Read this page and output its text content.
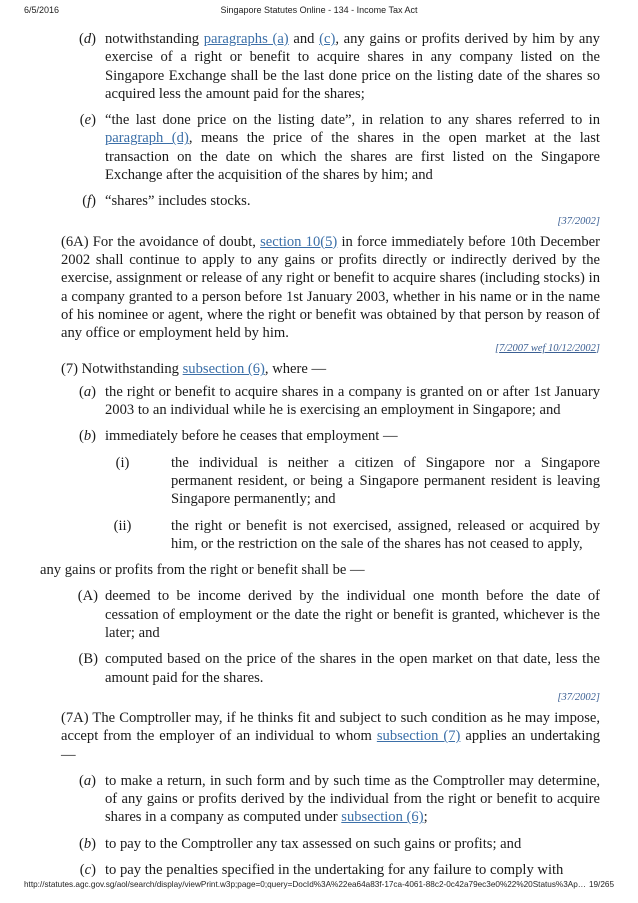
6/5/2016	Singapore Statutes Online - 134 - Income Tax Act
(d) notwithstanding paragraphs (a) and (c), any gains or profits derived by him by any exercise of a right or benefit to acquire shares in any company listed on the Singapore Exchange shall be the last done price on the listing date of the shares so acquired less the amount paid for the shares;
(e) “the last done price on the listing date”, in relation to any shares referred to in paragraph (d), means the price of the shares in the open market at the last transaction on the date on which the shares are first listed on the Singapore Exchange after the acquisition of the shares by him; and
(f) “shares” includes stocks.
[37/2002]
(6A) For the avoidance of doubt, section 10(5) in force immediately before 10th December 2002 shall continue to apply to any gains or profits directly or indirectly derived by the exercise, assignment or release of any right or benefit to acquire shares (including stocks) in a company granted to a person before 1st January 2003, whether in his name or in the name of his nominee or agent, where the right or benefit was obtained by that person by reason of any office or employment held by him.
[7/2007 wef 10/12/2002]
(7) Notwithstanding subsection (6), where —
(a) the right or benefit to acquire shares in a company is granted on or after 1st January 2003 to an individual while he is exercising an employment in Singapore; and
(b) immediately before he ceases that employment —
(i)	the individual is neither a citizen of Singapore nor a Singapore permanent resident, or being a Singapore permanent resident is leaving Singapore permanently; and
(ii)	the right or benefit is not exercised, assigned, released or acquired by him, or the restriction on the sale of the shares has not ceased to apply,
any gains or profits from the right or benefit shall be —
(A) deemed to be income derived by the individual one month before the date of cessation of employment or the date the right or benefit is granted, whichever is the later; and
(B) computed based on the price of the shares in the open market on that date, less the amount paid for the shares.
[37/2002]
(7A) The Comptroller may, if he thinks fit and subject to such condition as he may impose, accept from the employer of an individual to whom subsection (7) applies an undertaking —
(a) to make a return, in such form and by such time as the Comptroller may determine, of any gains or profits derived by the individual from the right or benefit to acquire shares in a company as computed under subsection (6);
(b) to pay to the Comptroller any tax assessed on such gains or profits; and
(c) to pay the penalties specified in the undertaking for any failure to comply with
http://statutes.agc.gov.sg/aol/search/display/viewPrint.w3p;page=0;query=DocId%3A%22ea64a83f-17ca-4061-88c2-0c42a79ec3e0%22%20Status%3Ap… 19/265
